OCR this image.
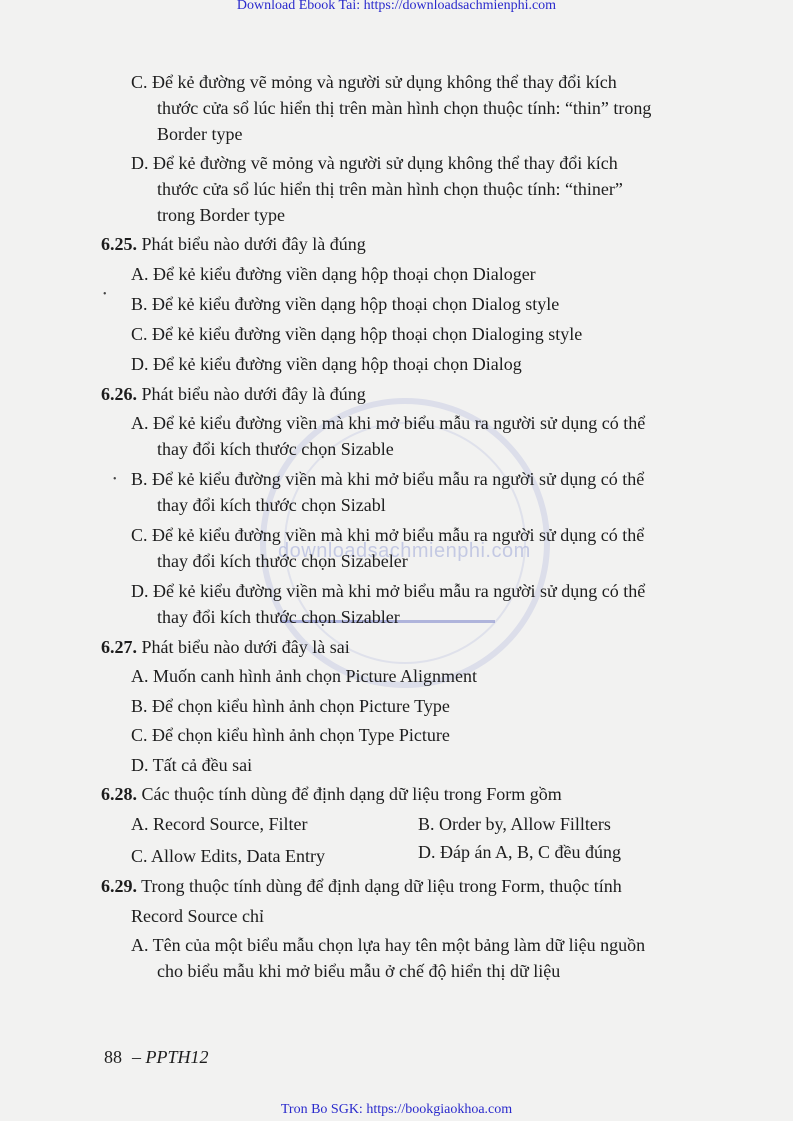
Download Ebook Tai: https://downloadsachmienphi.com
downloadsachmienphi.com
C. Để kẻ đường vẽ mỏng và người sử dụng không thể thay đổi kích
thước cửa sổ lúc hiển thị trên màn hình chọn thuộc tính: “thin” trong
Border type
D. Để kẻ đường vẽ mỏng và người sử dụng không thể thay đổi kích
thước cửa sổ lúc hiển thị trên màn hình chọn thuộc tính: “thiner”
trong Border type
6.25. Phát biểu nào dưới đây là đúng
A. Để kẻ kiểu đường viền dạng hộp thoại chọn Dialoger
B. Để kẻ kiểu đường viền dạng hộp thoại chọn Dialog style
C. Để kẻ kiểu đường viền dạng hộp thoại chọn Dialoging style
D. Để kẻ kiểu đường viền dạng hộp thoại chọn Dialog
6.26. Phát biểu nào dưới đây là đúng
A. Để kẻ kiểu đường viền mà khi mở biểu mẫu ra người sử dụng có thể
thay đổi kích thước chọn Sizable
B. Để kẻ kiểu đường viền mà khi mở biểu mẫu ra người sử dụng có thể
thay đổi kích thước chọn Sizabl
C. Để kẻ kiểu đường viền mà khi mở biểu mẫu ra người sử dụng có thể
thay đổi kích thước chọn Sizabeler
D. Để kẻ kiểu đường viền mà khi mở biểu mẫu ra người sử dụng có thể
thay đổi kích thước chọn Sizabler
6.27. Phát biểu nào dưới đây là sai
A. Muốn canh hình ảnh chọn Picture Alignment
B. Để chọn kiểu hình ảnh chọn Picture Type
C. Để chọn kiểu hình ảnh chọn Type Picture
D. Tất cả đều sai
6.28. Các thuộc tính dùng để định dạng dữ liệu trong Form gồm
A. Record Source, Filter	B. Order by, Allow Fillters
C. Allow Edits, Data Entry	D. Đáp án A, B, C đều đúng
6.29. Trong thuộc tính dùng để định dạng dữ liệu trong Form, thuộc tính
Record Source chỉ
A. Tên của một biểu mẫu chọn lựa hay tên một bảng làm dữ liệu nguồn
cho biểu mẫu khi mở biểu mẫu ở chế độ hiển thị dữ liệu
•
•
88 – PPTH12
Tron Bo SGK: https://bookgiaokhoa.com
